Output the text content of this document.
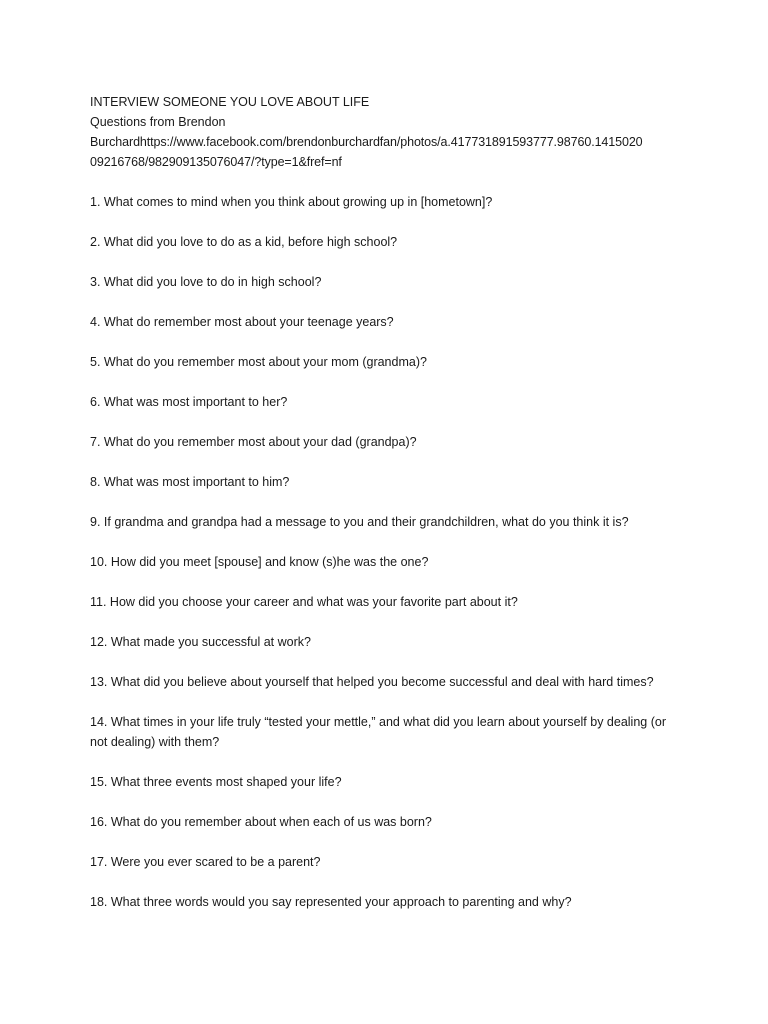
INTERVIEW SOMEONE YOU LOVE ABOUT LIFE
Questions from Brendon
Burchardhttps://www.facebook.com/brendonburchardfan/photos/a.417731891593777.98760.1415020
09216768/982909135076047/?type=1&fref=nf
1. What comes to mind when you think about growing up in [hometown]?
2. What did you love to do as a kid, before high school?
3. What did you love to do in high school?
4. What do remember most about your teenage years?
5. What do you remember most about your mom (grandma)?
6. What was most important to her?
7. What do you remember most about your dad (grandpa)?
8. What was most important to him?
9. If grandma and grandpa had a message to you and their grandchildren, what do you think it is?
10. How did you meet [spouse] and know (s)he was the one?
11. How did you choose your career and what was your favorite part about it?
12. What made you successful at work?
13. What did you believe about yourself that helped you become successful and deal with hard times?
14. What times in your life truly “tested your mettle,” and what did you learn about yourself by dealing (or not dealing) with them?
15. What three events most shaped your life?
16. What do you remember about when each of us was born?
17. Were you ever scared to be a parent?
18. What three words would you say represented your approach to parenting and why?
